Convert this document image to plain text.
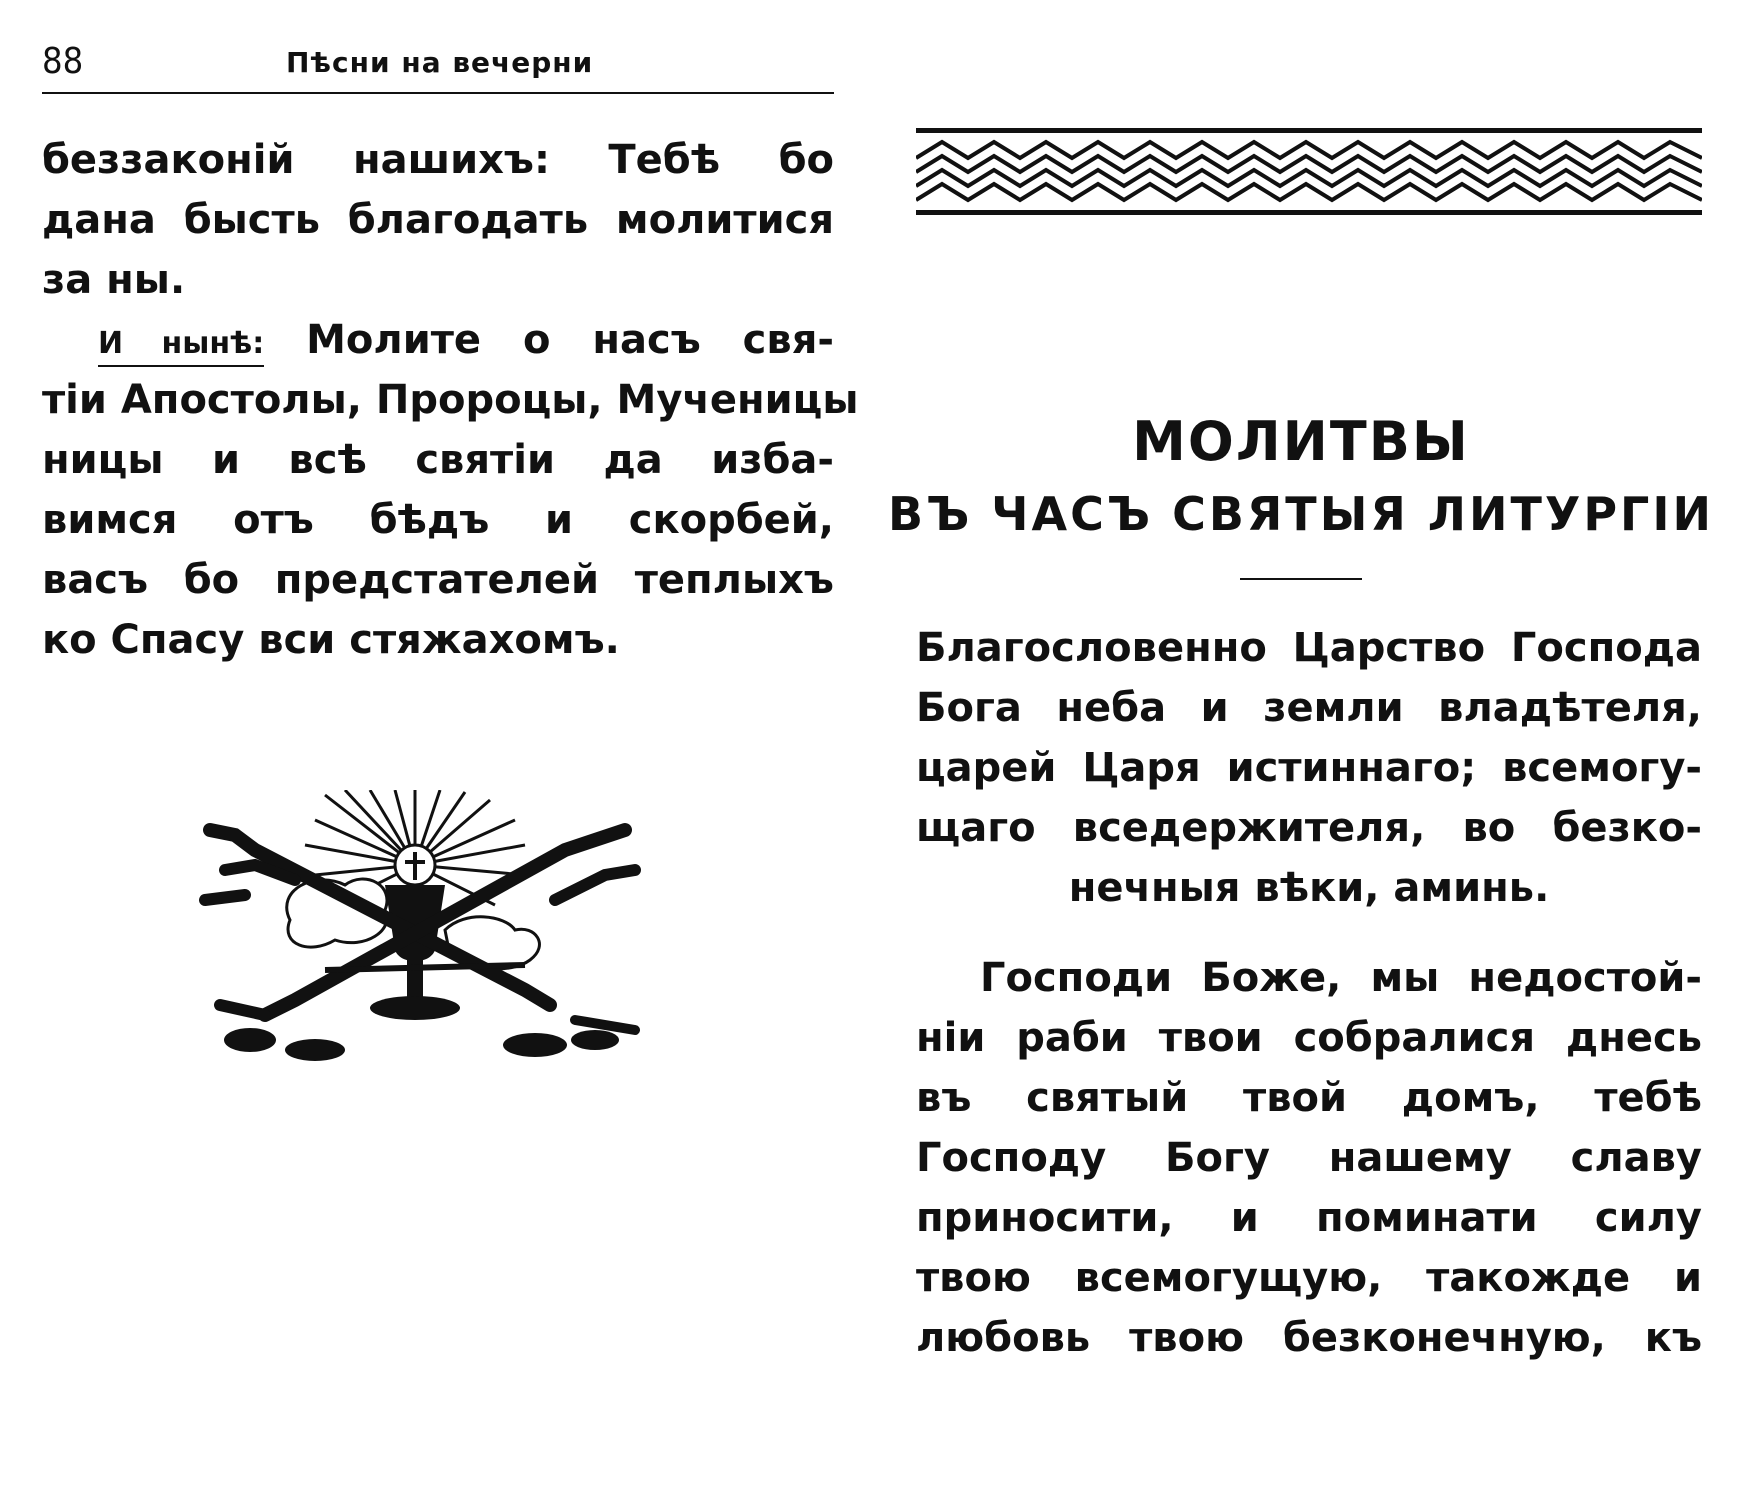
88	Пѣсни на вечерни
беззаконій нашихъ: Тебѣ бо
дана бысть благодать молитися
за ны.
И нынѣ: Молите о насъ свя-
тіи Апостолы, Пророцы, Мученицы
ницы и всѣ святіи да изба-
вимся отъ бѣдъ и скорбей,
васъ бо предстателей теплыхъ
ко Спасу вси стяжахомъ.
МОЛИТВЫ
ВЪ ЧАСЪ СВЯТЫЯ ЛИТУРГІИ
Благословенно Царство Господа
Бога неба и земли владѣтеля,
царей Царя истиннаго; всемогу-
щаго вседержителя, во безко-
нечныя вѣки, аминь.
Господи Боже, мы недостой-
ніи раби твои собралися днесь
въ святый твой домъ, тебѣ
Господу Богу нашему славу
приносити, и поминати силу
твою всемогущую, такожде и
любовь твою безконечную, къ
